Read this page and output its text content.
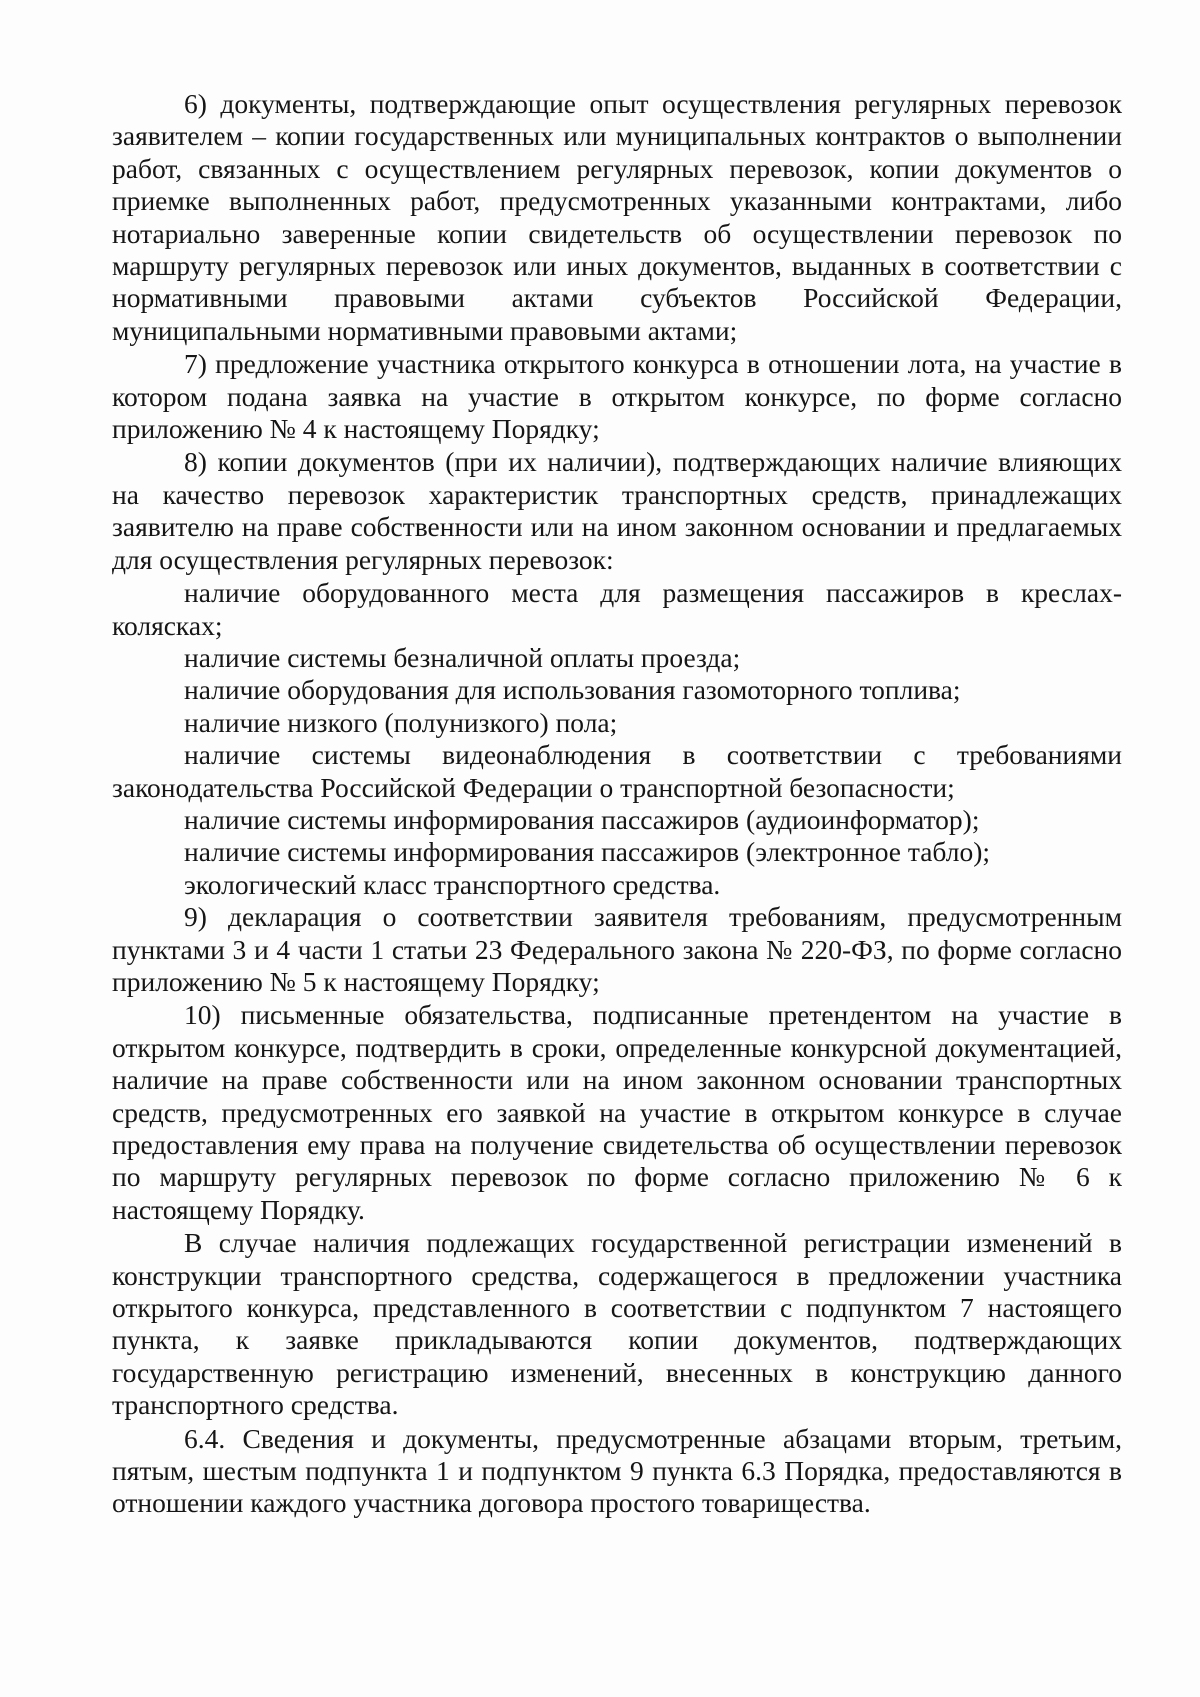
6) документы, подтверждающие опыт осуществления регулярных перевозок заявителем – копии государственных или муниципальных контрактов о выполнении работ, связанных с осуществлением регулярных перевозок, копии документов о приемке выполненных работ, предусмотренных указанными контрактами, либо нотариально заверенные копии свидетельств об осуществлении перевозок по маршруту регулярных перевозок или иных документов, выданных в соответствии с нормативными правовыми актами субъектов Российской Федерации, муниципальными нормативными правовыми актами;

7) предложение участника открытого конкурса в отношении лота, на участие в котором подана заявка на участие в открытом конкурсе, по форме согласно приложению № 4 к настоящему Порядку;

8) копии документов (при их наличии), подтверждающих наличие влияющих на качество перевозок характеристик транспортных средств, принадлежащих заявителю на праве собственности или на ином законном основании и предлагаемых для осуществления регулярных перевозок:

наличие оборудованного места для размещения пассажиров в креслах-колясках;

наличие системы безналичной оплаты проезда;

наличие оборудования для использования газомоторного топлива;

наличие низкого (полунизкого) пола;

наличие системы видеонаблюдения в соответствии с требованиями законодательства Российской Федерации о транспортной безопасности;

наличие системы информирования пассажиров (аудиоинформатор);

наличие системы информирования пассажиров (электронное табло);

экологический класс транспортного средства.

9) декларация о соответствии заявителя требованиям, предусмотренным пунктами 3 и 4 части 1 статьи 23 Федерального закона № 220-ФЗ, по форме согласно приложению № 5 к настоящему Порядку;

10) письменные обязательства, подписанные претендентом на участие в открытом конкурсе, подтвердить в сроки, определенные конкурсной документацией, наличие на праве собственности или на ином законном основании транспортных средств, предусмотренных его заявкой на участие в открытом конкурсе в случае предоставления ему права на получение свидетельства об осуществлении перевозок по маршруту регулярных перевозок по форме согласно приложению № 6 к настоящему Порядку.

В случае наличия подлежащих государственной регистрации изменений в конструкции транспортного средства, содержащегося в предложении участника открытого конкурса, представленного в соответствии с подпунктом 7 настоящего пункта, к заявке прикладываются копии документов, подтверждающих государственную регистрацию изменений, внесенных в конструкцию данного транспортного средства.

6.4. Сведения и документы, предусмотренные абзацами вторым, третьим, пятым, шестым подпункта 1 и подпунктом 9 пункта 6.3 Порядка, предоставляются в отношении каждого участника договора простого товарищества.
